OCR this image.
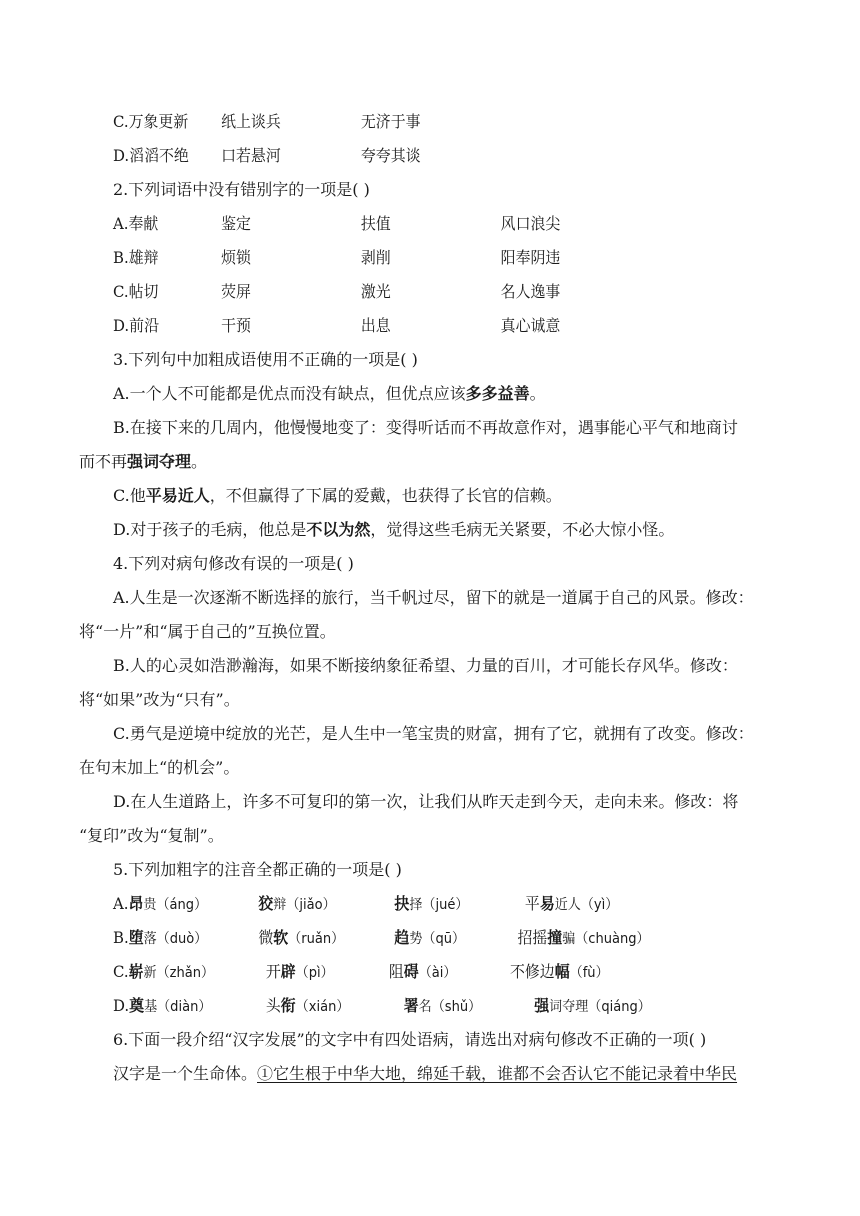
C.万象更新 纸上谈兵	无济于事
D.滔滔不绝 口若悬河	夸夸其谈
2.下列词语中没有错别字的一项是( )
A.奉献	鉴定	扶值	风口浪尖
B.雄辩	烦锁	剥削	阳奉阴违
C.帖切	荧屏	激光	名人逸事
D.前沿	干预	出息	真心诚意
3.下列句中加粗成语使用不正确的一项是( )
A.一个人不可能都是优点而没有缺点，但优点应该多多益善。
B.在接下来的几周内，他慢慢地变了：变得听话而不再故意作对，遇事能心平气和地商讨
而不再强词夺理。
C.他平易近人，不但赢得了下属的爱戴，也获得了长官的信赖。
D.对于孩子的毛病，他总是不以为然，觉得这些毛病无关紧要，不必大惊小怪。
4.下列对病句修改有误的一项是( )
A.人生是一次逐渐不断选择的旅行，当千帆过尽，留下的就是一道属于自己的风景。修改：
将“一片”和“属于自己的”互换位置。
B.人的心灵如浩渺瀚海，如果不断接纳象征希望、力量的百川，才可能长存风华。修改：
将“如果”改为“只有”。
C.勇气是逆境中绽放的光芒，是人生中一笔宝贵的财富，拥有了它，就拥有了改变。修改：
在句末加上“的机会”。
D.在人生道路上，许多不可复印的第一次，让我们从昨天走到今天，走向未来。修改：将
“复印”改为“复制”。
5.下列加粗字的注音全都正确的一项是( )
A.昂贵（áng）	狡辩（jiǎo）	抉择（jué）	平易近人（yì）
B.堕落（duò）	微软（ruǎn）	趋势（qū）	招摇撞骗（chuàng）
C.崭新（zhǎn）	开辟（pì）	阻碍（ài）	不修边幅（fù）
D.奠基（diàn）	头衔（xián）	署名（shǔ）	强词夺理（qiáng）
6.下面一段介绍“汉字发展”的文字中有四处语病，请选出对病句修改不正确的一项( )
汉字是一个生命体。①它生根于中华大地，绵延千载，谁都不会否认它不能记录着中华民
